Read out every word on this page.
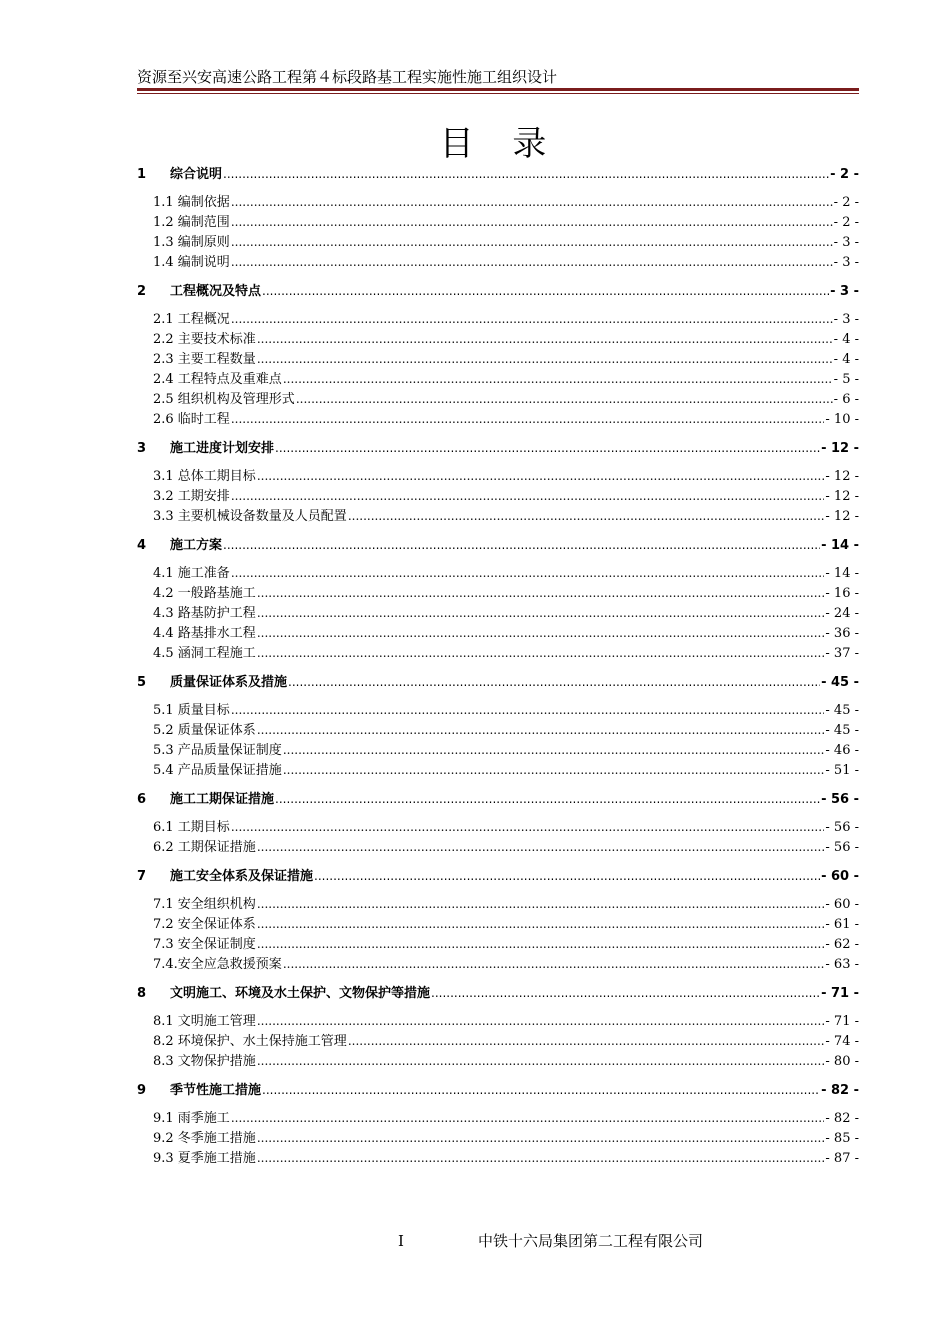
资源至兴安高速公路工程第４标段路基工程实施性施工组织设计
目 录
1	综合说明 .....	- 2 -
1.1 编制依据 .....	- 2 -
1.2 编制范围 .....	- 2 -
1.3 编制原则 .....	- 3 -
1.4 编制说明 .....	- 3 -
2	工程概况及特点 .....	- 3 -
2.1 工程概况 .....	- 3 -
2.2 主要技术标准 .....	- 4 -
2.3 主要工程数量 .....	- 4 -
2.4 工程特点及重难点 .....	- 5 -
2.5 组织机构及管理形式 .....	- 6 -
2.6 临时工程 .....	- 10 -
3	施工进度计划安排 .....	- 12 -
3.1 总体工期目标 .....	- 12 -
3.2 工期安排 .....	- 12 -
3.3 主要机械设备数量及人员配置 .....	- 12 -
4	施工方案 .....	- 14 -
4.1 施工准备 .....	- 14 -
4.2 一般路基施工 .....	- 16 -
4.3 路基防护工程 .....	- 24 -
4.4 路基排水工程 .....	- 36 -
4.5 涵洞工程施工 .....	- 37 -
5	质量保证体系及措施 .....	- 45 -
5.1 质量目标 .....	- 45 -
5.2 质量保证体系 .....	- 45 -
5.3 产品质量保证制度 .....	- 46 -
5.4 产品质量保证措施 .....	- 51 -
6	施工工期保证措施 .....	- 56 -
6.1 工期目标 .....	- 56 -
6.2 工期保证措施 .....	- 56 -
7	施工安全体系及保证措施 .....	- 60 -
7.1 安全组织机构 .....	- 60 -
7.2 安全保证体系 .....	- 61 -
7.3 安全保证制度 .....	- 62 -
7.4.安全应急救援预案 .....	- 63 -
8	文明施工、环境及水土保护、文物保护等措施 .....	- 71 -
8.1 文明施工管理 .....	- 71 -
8.2 环境保护、水土保持施工管理 .....	- 74 -
8.3 文物保护措施 .....	- 80 -
9	季节性施工措施 .....	- 82 -
9.1 雨季施工 .....	- 82 -
9.2 冬季施工措施 .....	- 85 -
9.3 夏季施工措施 .....	- 87 -
I	中铁十六局集团第二工程有限公司
